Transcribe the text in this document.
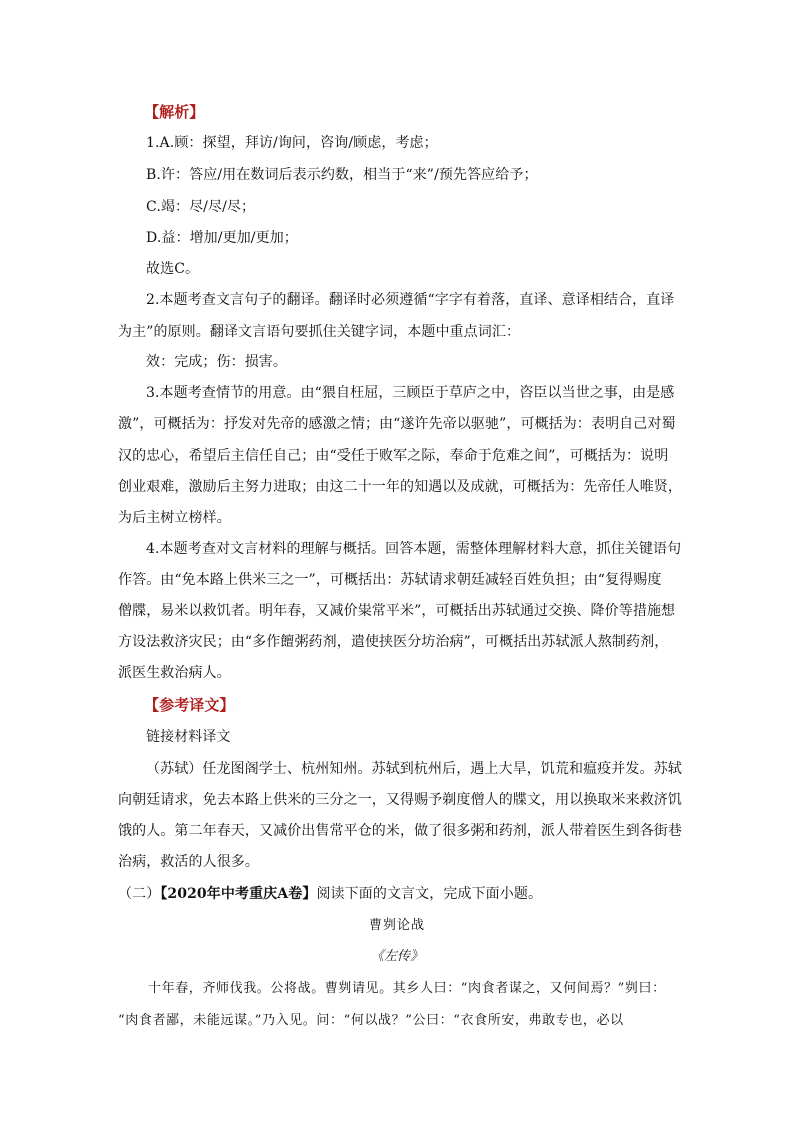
【解析】
1.A.顾：探望，拜访/询问，咨询/顾虑，考虑；
B.许：答应/用在数词后表示约数，相当于“来”/预先答应给予；
C.竭：尽/尽/尽；
D.益：增加/更加/更加；
故选C。
2.本题考查文言句子的翻译。翻译时必须遵循“字字有着落，直译、意译相结合，直译
为主”的原则。翻译文言语句要抓住关键字词，本题中重点词汇：
效：完成；伤：损害。
3.本题考查情节的用意。由“猥自枉屈，三顾臣于草庐之中，咨臣以当世之事，由是感
激”，可概括为：抒发对先帝的感激之情；由“遂许先帝以驱驰”，可概括为：表明自己对蜀
汉的忠心，希望后主信任自己；由“受任于败军之际，奉命于危难之间”，可概括为：说明
创业艰难，激励后主努力进取；由这二十一年的知遇以及成就，可概括为：先帝任人唯贤，
为后主树立榜样。
4.本题考查对文言材料的理解与概括。回答本题，需整体理解材料大意，抓住关键语句
作答。由“免本路上供米三之一”，可概括出：苏轼请求朝廷减轻百姓负担；由“复得赐度
僧牒，易米以救饥者。明年春，又减价粜常平米”，可概括出苏轼通过交换、降价等措施想
方设法救济灾民；由“多作饘粥药剂，遣使挟医分坊治病”，可概括出苏轼派人熬制药剂，
派医生救治病人。
【参考译文】
链接材料译文
（苏轼）任龙图阁学士、杭州知州。苏轼到杭州后，遇上大旱，饥荒和瘟疫并发。苏轼
向朝廷请求，免去本路上供米的三分之一，又得赐予剃度僧人的牒文，用以换取米来救济饥
饿的人。第二年春天，又减价出售常平仓的米，做了很多粥和药剂，派人带着医生到各街巷
治病，救活的人很多。
（二）【2020年中考重庆A卷】阅读下面的文言文，完成下面小题。
曹刿论战
《左传》
十年春，齐师伐我。公将战。曹刿请见。其乡人曰：“肉食者谋之，又何间焉？”刿曰：
“肉食者鄙，未能远谋。”乃入见。问：“何以战？”公曰：“衣食所安，弗敢专也，必以
